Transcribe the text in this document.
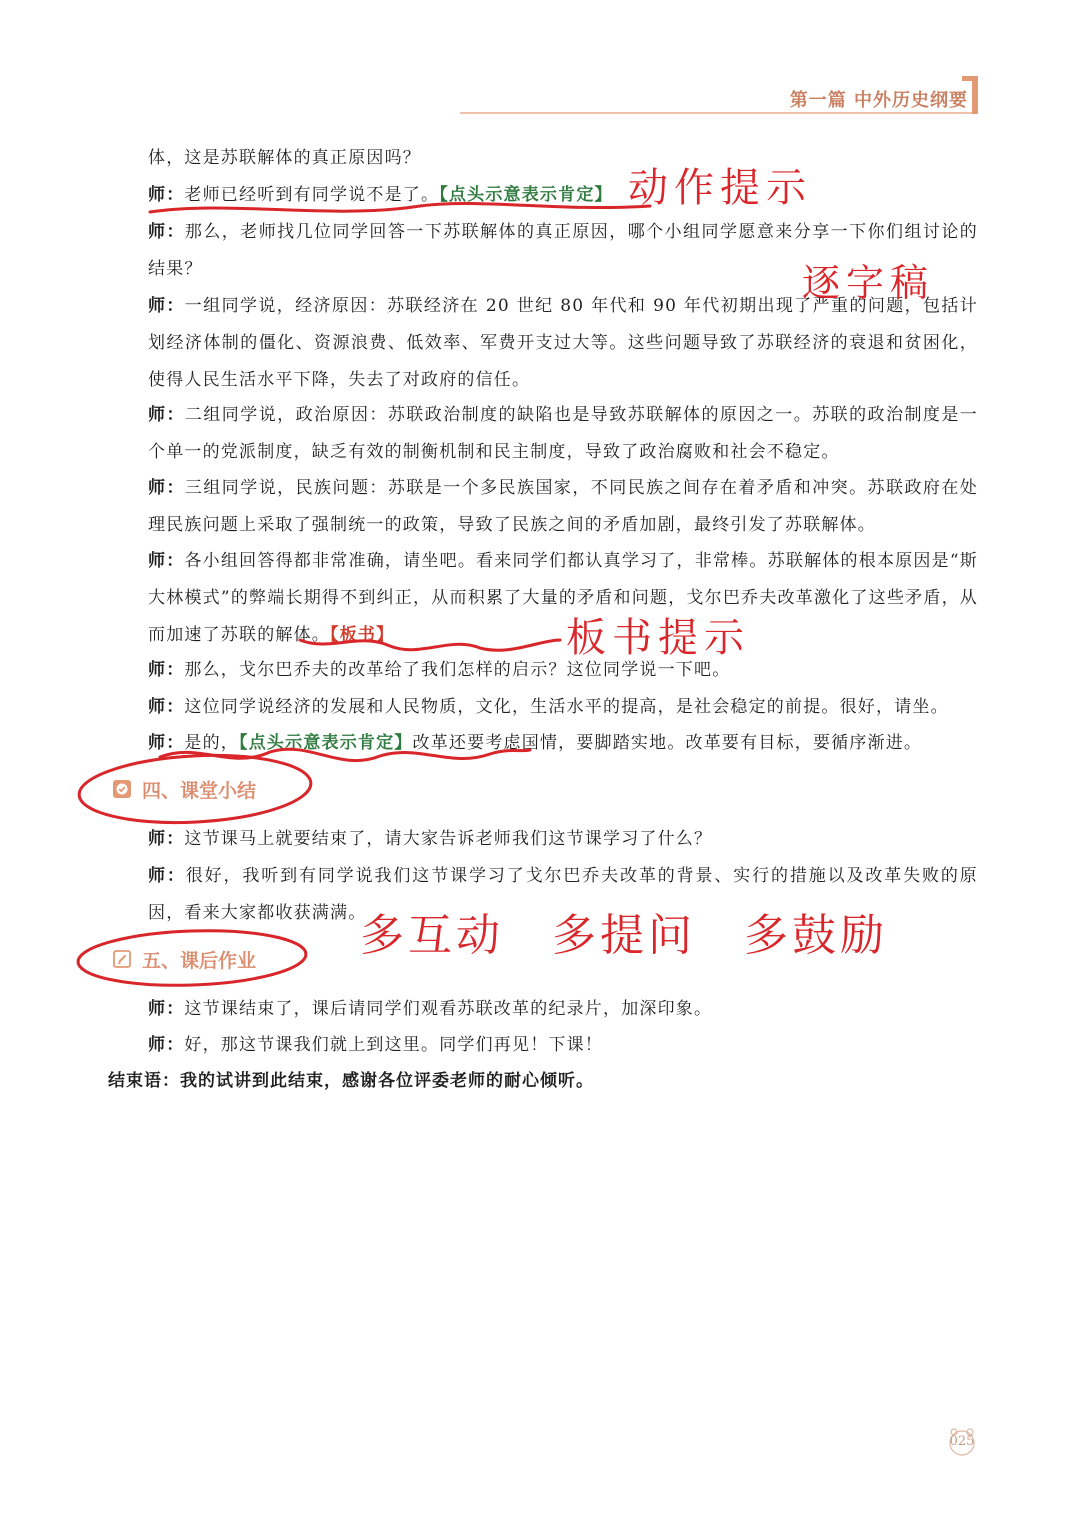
第一篇 中外历史纲要

体，这是苏联解体的真正原因吗？

师：老师已经听到有同学说不是了。【点头示意表示肯定】

师：那么，老师找几位同学回答一下苏联解体的真正原因，哪个小组同学愿意来分享一下你们组讨论的结果？

师：一组同学说，经济原因：苏联经济在 20 世纪 80 年代和 90 年代初期出现了严重的问题，包括计划经济体制的僵化、资源浪费、低效率、军费开支过大等。这些问题导致了苏联经济的衰退和贫困化，使得人民生活水平下降，失去了对政府的信任。

师：二组同学说，政治原因：苏联政治制度的缺陷也是导致苏联解体的原因之一。苏联的政治制度是一个单一的党派制度，缺乏有效的制衡机制和民主制度，导致了政治腐败和社会不稳定。

师：三组同学说，民族问题：苏联是一个多民族国家，不同民族之间存在着矛盾和冲突。苏联政府在处理民族问题上采取了强制统一的政策，导致了民族之间的矛盾加剧，最终引发了苏联解体。

师：各小组回答得都非常准确，请坐吧。看来同学们都认真学习了，非常棒。苏联解体的根本原因是“斯大林模式”的弊端长期得不到纠正，从而积累了大量的矛盾和问题，戈尔巴乔夫改革激化了这些矛盾，从而加速了苏联的解体。【板书】

师：那么，戈尔巴乔夫的改革给了我们怎样的启示？这位同学说一下吧。

师：这位同学说经济的发展和人民物质，文化，生活水平的提高，是社会稳定的前提。很好，请坐。

师：是的，【点头示意表示肯定】改革还要考虑国情，要脚踏实地。改革要有目标，要循序渐进。

四、课堂小结

师：这节课马上就要结束了，请大家告诉老师我们这节课学习了什么？

师：很好，我听到有同学说我们这节课学习了戈尔巴乔夫改革的背景、实行的措施以及改革失败的原因，看来大家都收获满满。

五、课后作业

师：这节课结束了，课后请同学们观看苏联改革的纪录片，加深印象。

师：好，那这节课我们就上到这里。同学们再见！下课！

结束语：我的试讲到此结束，感谢各位评委老师的耐心倾听。
动作提示
逐字稿
板书提示
多互动　多提问　多鼓励
025
